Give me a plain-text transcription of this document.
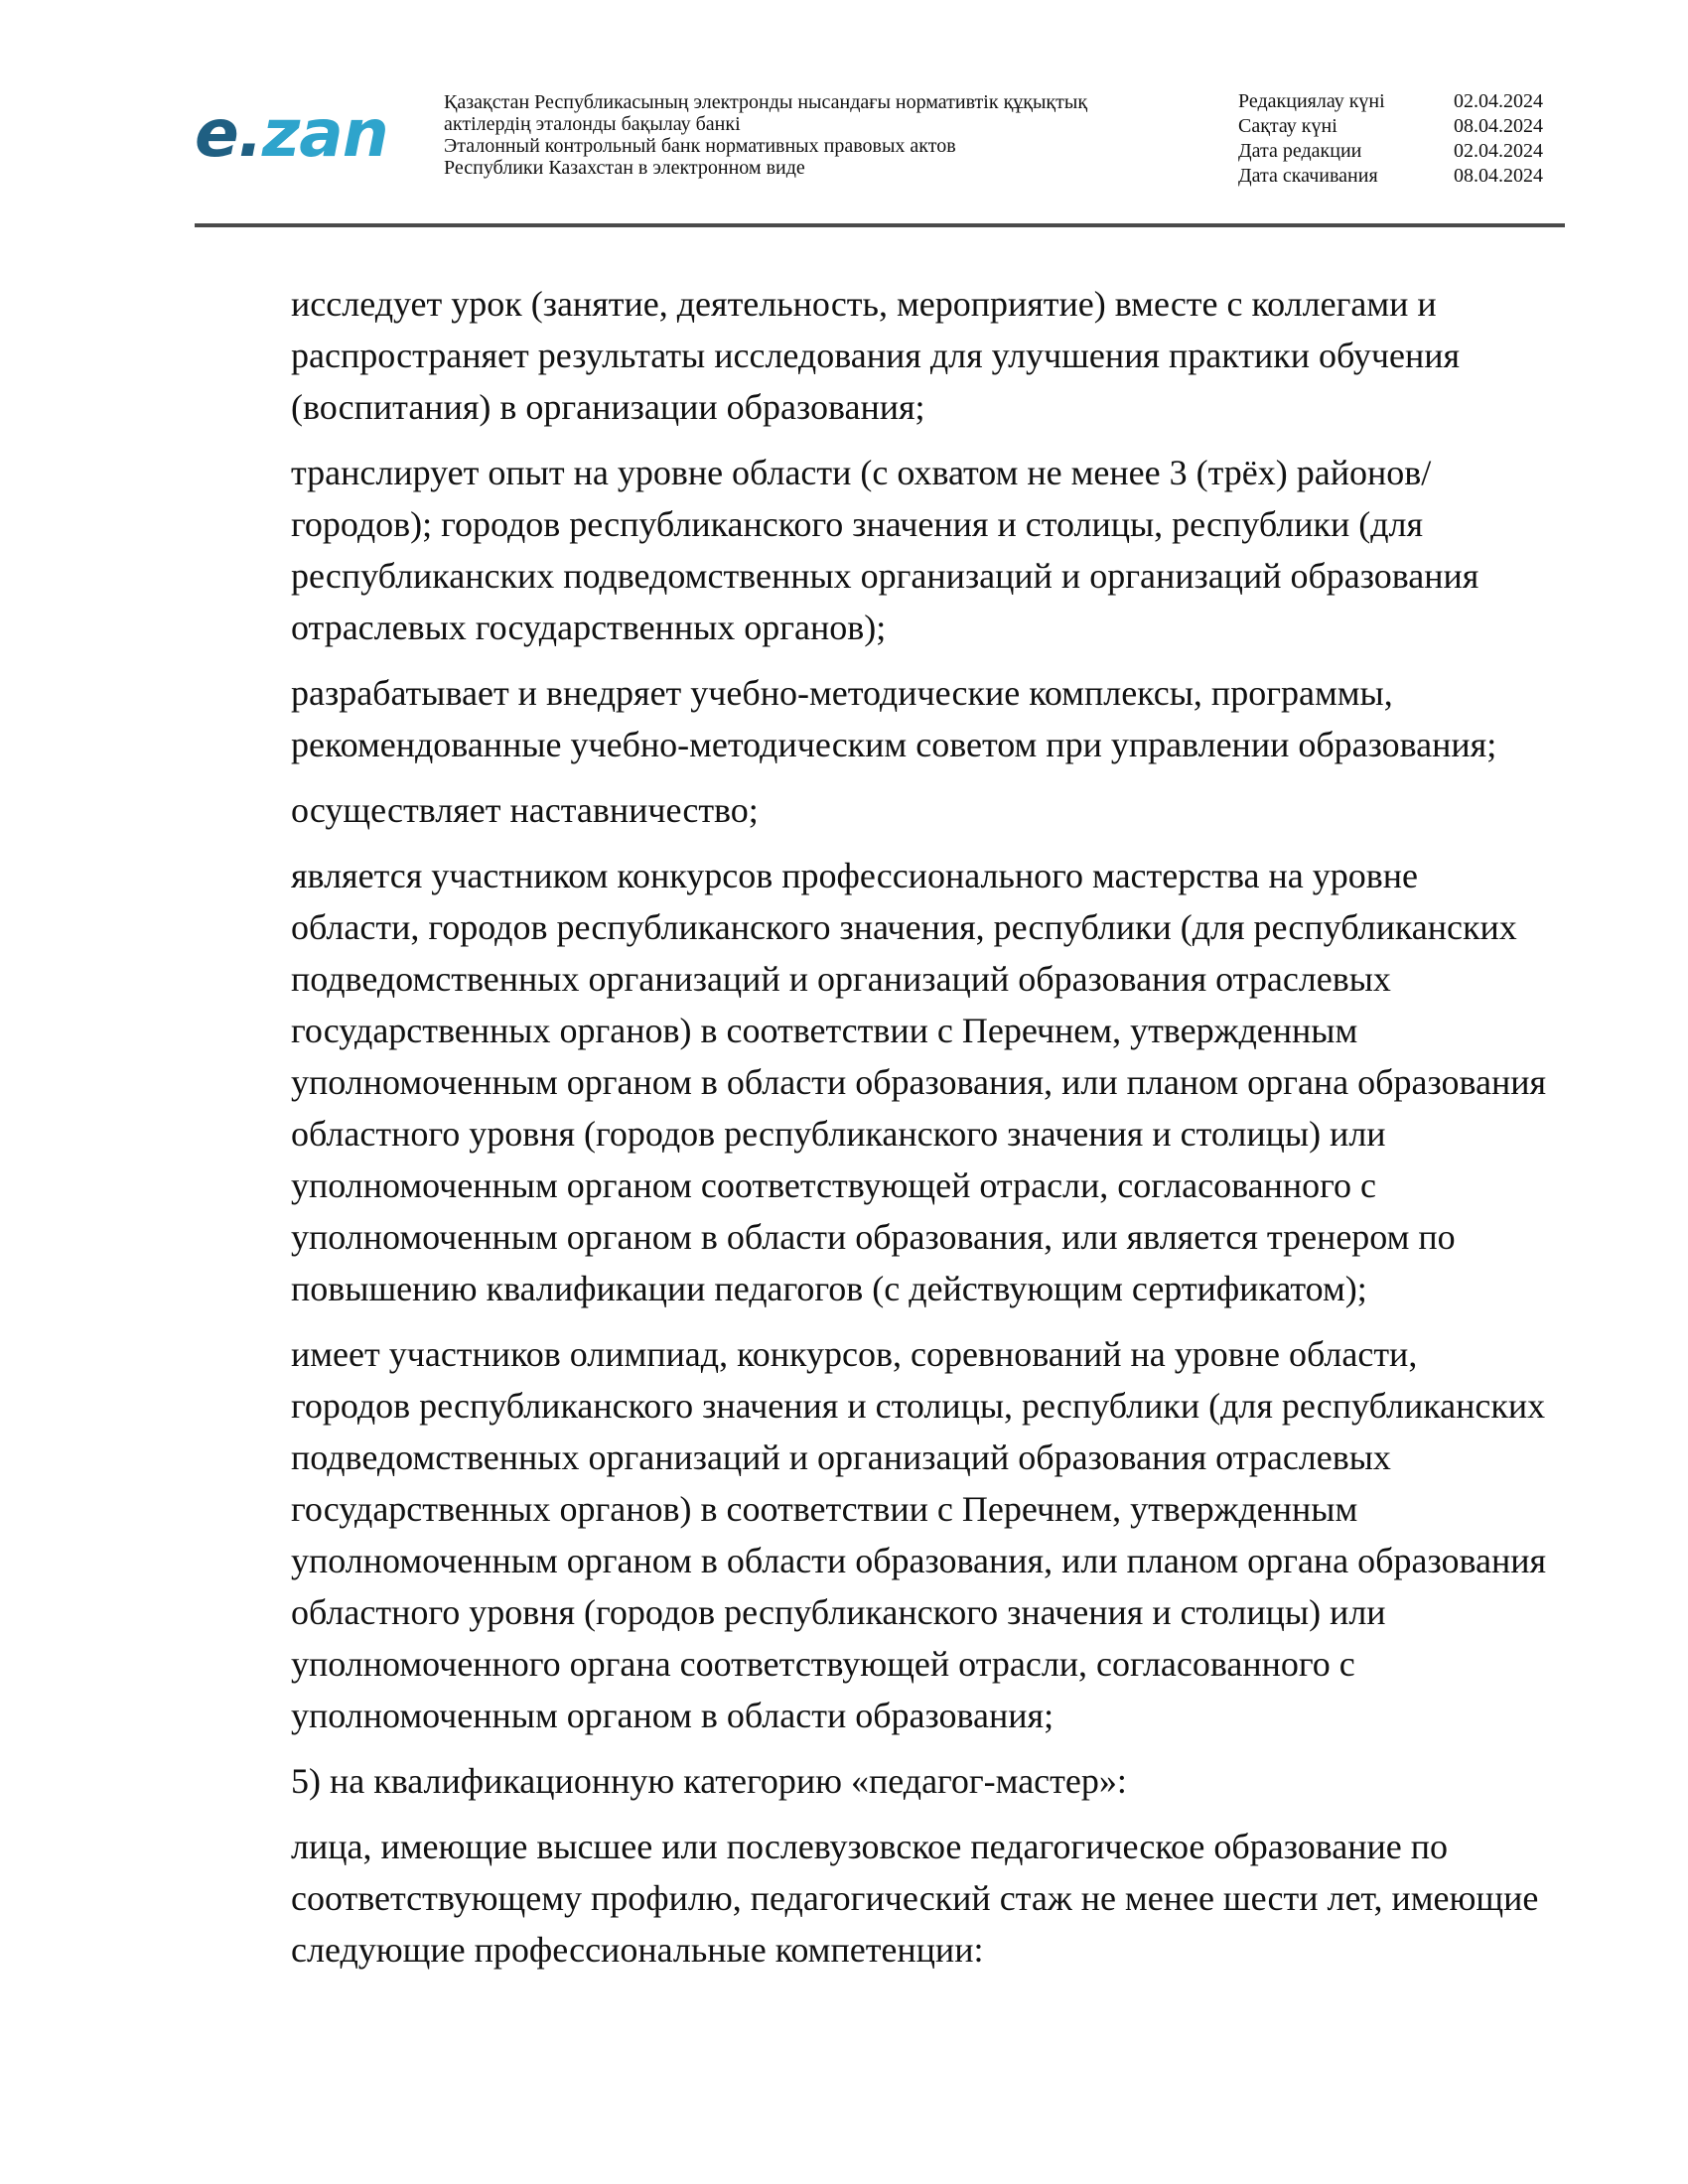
e.zan	Қазақстан Республикасының электронды нысандағы нормативтік құқықтық
актілердің эталонды бақылау банкі
Эталонный контрольный банк нормативных правовых актов
Республики Казахстан в электронном виде
Редакциялау күні	02.04.2024
Сақтау күні	08.04.2024
Дата редакции	02.04.2024
Дата скачивания	08.04.2024

исследует урок (занятие, деятельность, мероприятие) вместе с коллегами и
распространяет результаты исследования для улучшения практики обучения
(воспитания) в организации образования;

транслирует опыт на уровне области (с охватом не менее 3 (трёх) районов/
городов); городов республиканского значения и столицы, республики (для
республиканских подведомственных организаций и организаций образования
отраслевых государственных органов);

разрабатывает и внедряет учебно-методические комплексы, программы,
рекомендованные учебно-методическим советом при управлении образования;

осуществляет наставничество;

является участником конкурсов профессионального мастерства на уровне
области, городов республиканского значения, республики (для республиканских
подведомственных организаций и организаций образования отраслевых
государственных органов) в соответствии с Перечнем, утвержденным
уполномоченным органом в области образования, или планом органа образования
областного уровня (городов республиканского значения и столицы) или
уполномоченным органом соответствующей отрасли, согласованного с
уполномоченным органом в области образования, или является тренером по
повышению квалификации педагогов (с действующим сертификатом);

имеет участников олимпиад, конкурсов, соревнований на уровне области,
городов республиканского значения и столицы, республики (для республиканских
подведомственных организаций и организаций образования отраслевых
государственных органов) в соответствии с Перечнем, утвержденным
уполномоченным органом в области образования, или планом органа образования
областного уровня (городов республиканского значения и столицы) или
уполномоченного органа соответствующей отрасли, согласованного с
уполномоченным органом в области образования;

5) на квалификационную категорию «педагог-мастер»:

лица, имеющие высшее или послевузовское педагогическое образование по
соответствующему профилю, педагогический стаж не менее шести лет, имеющие
следующие профессиональные компетенции:
